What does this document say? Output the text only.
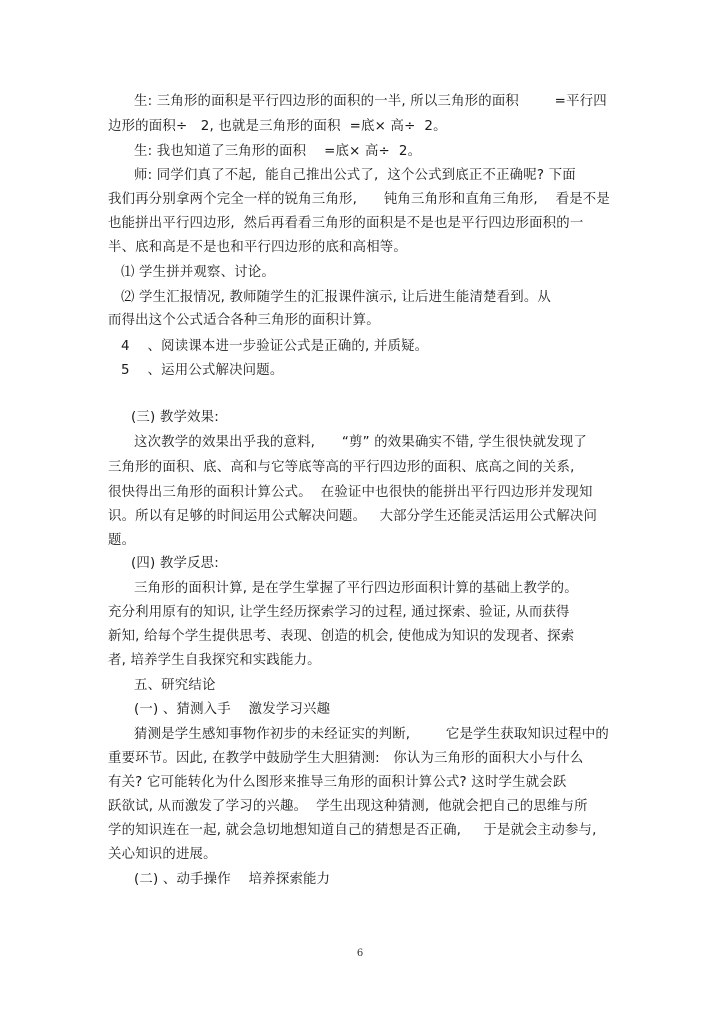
生: 三角形的面积是平行四边形的面积的一半, 所以三角形的面积        =平行四
边形的面积÷   2, 也就是三角形的面积  =底× 高÷  2。
生: 我也知道了三角形的面积    =底× 高÷  2。
师: 同学们真了不起,  能自己推出公式了,  这个公式到底正不正确呢? 下面
我们再分别拿两个完全一样的锐角三角形,      钝角三角形和直角三角形,    看是不是
也能拼出平行四边形,  然后再看看三角形的面积是不是也是平行四边形面积的一
半、底和高是不是也和平行四边形的底和高相等。
⑴ 学生拼并观察、讨论。
⑵ 学生汇报情况, 教师随学生的汇报课件演示, 让后进生能清楚看到。从
而得出这个公式适合各种三角形的面积计算。
4    、阅读课本进一步验证公式是正确的, 并质疑。
5    、运用公式解决问题。
(三) 教学效果:
这次教学的效果出乎我的意料,      “剪” 的效果确实不错, 学生很快就发现了
三角形的面积、底、高和与它等底等高的平行四边形的面积、底高之间的关系,
很快得出三角形的面积计算公式。  在验证中也很快的能拼出平行四边形并发现知
识。所以有足够的时间运用公式解决问题。   大部分学生还能灵活运用公式解决问
题。
(四) 教学反思:
三角形的面积计算, 是在学生掌握了平行四边形面积计算的基础上教学的。
充分利用原有的知识, 让学生经历探索学习的过程, 通过探索、验证, 从而获得
新知, 给每个学生提供思考、表现、创造的机会, 使他成为知识的发现者、探索
者, 培养学生自我探究和实践能力。
五、研究结论
(一) 、猜测入手    激发学习兴趣
猜测是学生感知事物作初步的未经证实的判断,        它是学生获取知识过程中的
重要环节。因此, 在教学中鼓励学生大胆猜测:   你认为三角形的面积大小与什么
有关? 它可能转化为什么图形来推导三角形的面积计算公式? 这时学生就会跃
跃欲试, 从而激发了学习的兴趣。  学生出现这种猜测,  他就会把自己的思维与所
学的知识连在一起, 就会急切地想知道自己的猜想是否正确,     于是就会主动参与,
关心知识的进展。
(二) 、动手操作    培养探索能力
6
